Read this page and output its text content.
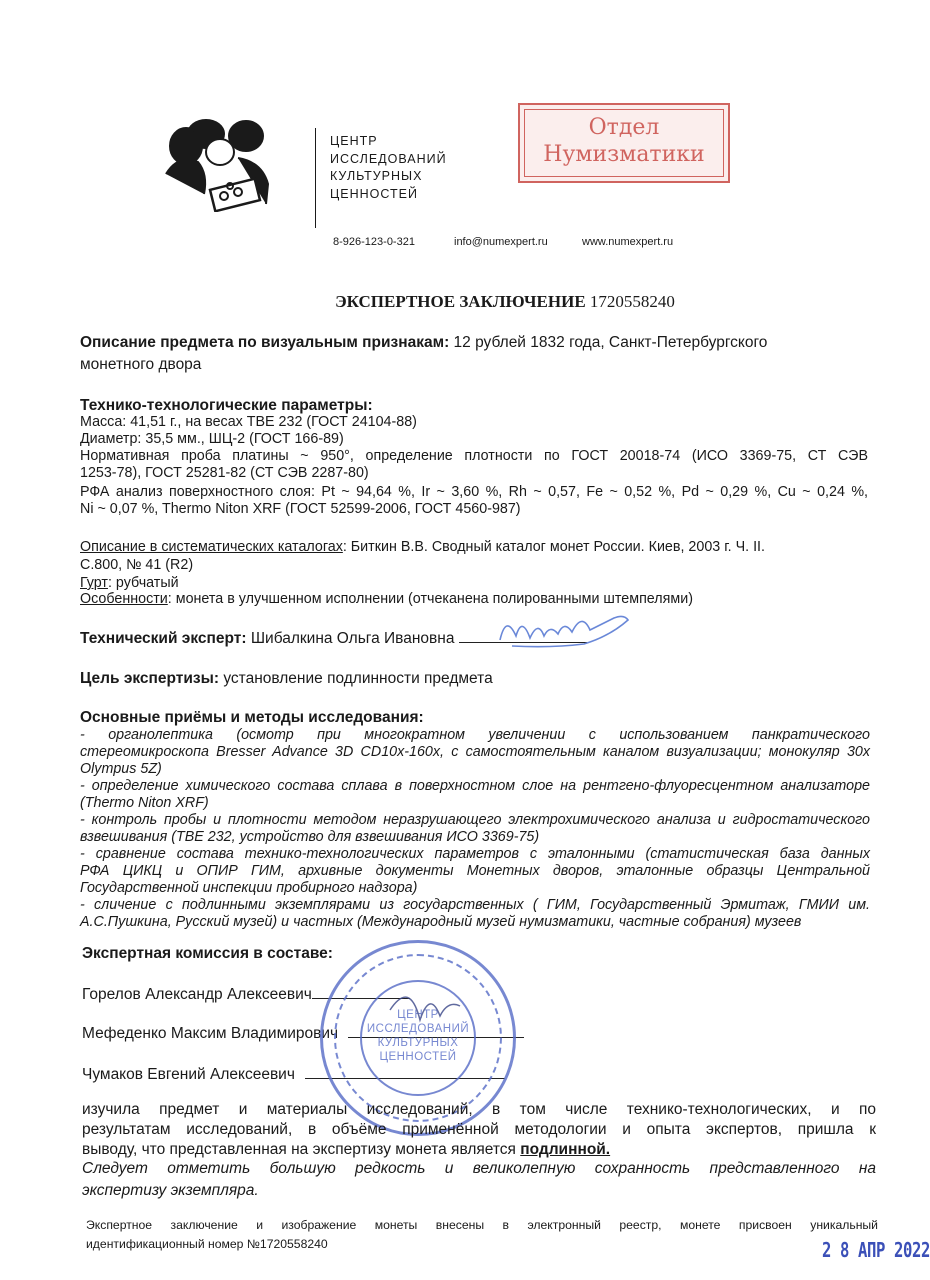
ЦЕНТР
ИССЛЕДОВАНИЙ
КУЛЬТУРНЫХ
ЦЕННОСТЕЙ
8-926-123-0-321	info@numexpert.ru	www.numexpert.ru
Отдел
Нумизматики
ЭКСПЕРТНОЕ ЗАКЛЮЧЕНИЕ 1720558240
Описание предмета по визуальным признакам: 12 рублей 1832 года, Санкт-Петербургского
монетного двора
Технико-технологические параметры:
Масса: 41,51 г., на весах ТВЕ 232 (ГОСТ 24104-88)
Диаметр: 35,5 мм., ШЦ-2 (ГОСТ 166-89)
Нормативная проба платины ~ 950°, определение плотности по ГОСТ 20018-74 (ИСО 3369-75, СТ СЭВ
1253-78), ГОСТ 25281-82 (СТ СЭВ 2287-80)
РФА анализ поверхностного слоя: Pt ~ 94,64 %, Ir ~ 3,60 %, Rh ~ 0,57, Fe ~ 0,52 %, Pd ~ 0,29 %, Cu ~ 0,24 %,
Ni ~ 0,07 %, Thermo Niton XRF (ГОСТ 52599-2006, ГОСТ 4560-987)
Описание в систематических каталогах: Биткин В.В. Сводный каталог монет России. Киев, 2003 г. Ч. II.
С.800, № 41 (R2)
Гурт: рубчатый
Особенности: монета в улучшенном исполнении (отчеканена полированными штемпелями)
Технический эксперт: Шибалкина Ольга Ивановна
Цель экспертизы: установление подлинности предмета
Основные приёмы и методы исследования:
- органолептика (осмотр при многократном увеличении с использованием панкратического
стереомикроскопа Bresser Advance 3D CD10x-160x, с самостоятельным каналом визуализации; монокуляр 30x
Olympus 5Z)
- определение химического состава сплава в поверхностном слое на рентгено-флуоресцентном анализаторе
(Thermo Niton XRF)
- контроль пробы и плотности методом неразрушающего электрохимического анализа и гидростатического
взвешивания (ТВЕ 232, устройство для взвешивания ИСО 3369-75)
- сравнение состава технико-технологических параметров с эталонными (статистическая база данных
РФА ЦИКЦ и ОПИР ГИМ, архивные документы Монетных дворов, эталонные образцы Центральной
Государственной инспекции пробирного надзора)
- сличение с подлинными экземплярами из государственных ( ГИМ, Государственный Эрмитаж, ГМИИ им.
А.С.Пушкина, Русский музей) и частных (Международный музей нумизматики, частные собрания) музеев
Экспертная комиссия в составе:
Горелов Александр Алексеевич
Мефеденко Максим Владимирович
Чумаков Евгений Алексеевич
ЦЕНТР
ИССЛЕДОВАНИЙ
КУЛЬТУРНЫХ
ЦЕННОСТЕЙ
изучила предмет и материалы исследований, в том числе технико-технологических, и по
результатам исследований, в объёме применённой методологии и опыта экспертов, пришла к
выводу, что представленная на экспертизу монета является подлинной.
Следует отметить большую редкость и великолепную сохранность представленного на
экспертизу экземпляра.
Экспертное заключение и изображение монеты внесены в электронный реестр, монете присвоен уникальный
идентификационный номер №1720558240	2 8 АПР 2022
